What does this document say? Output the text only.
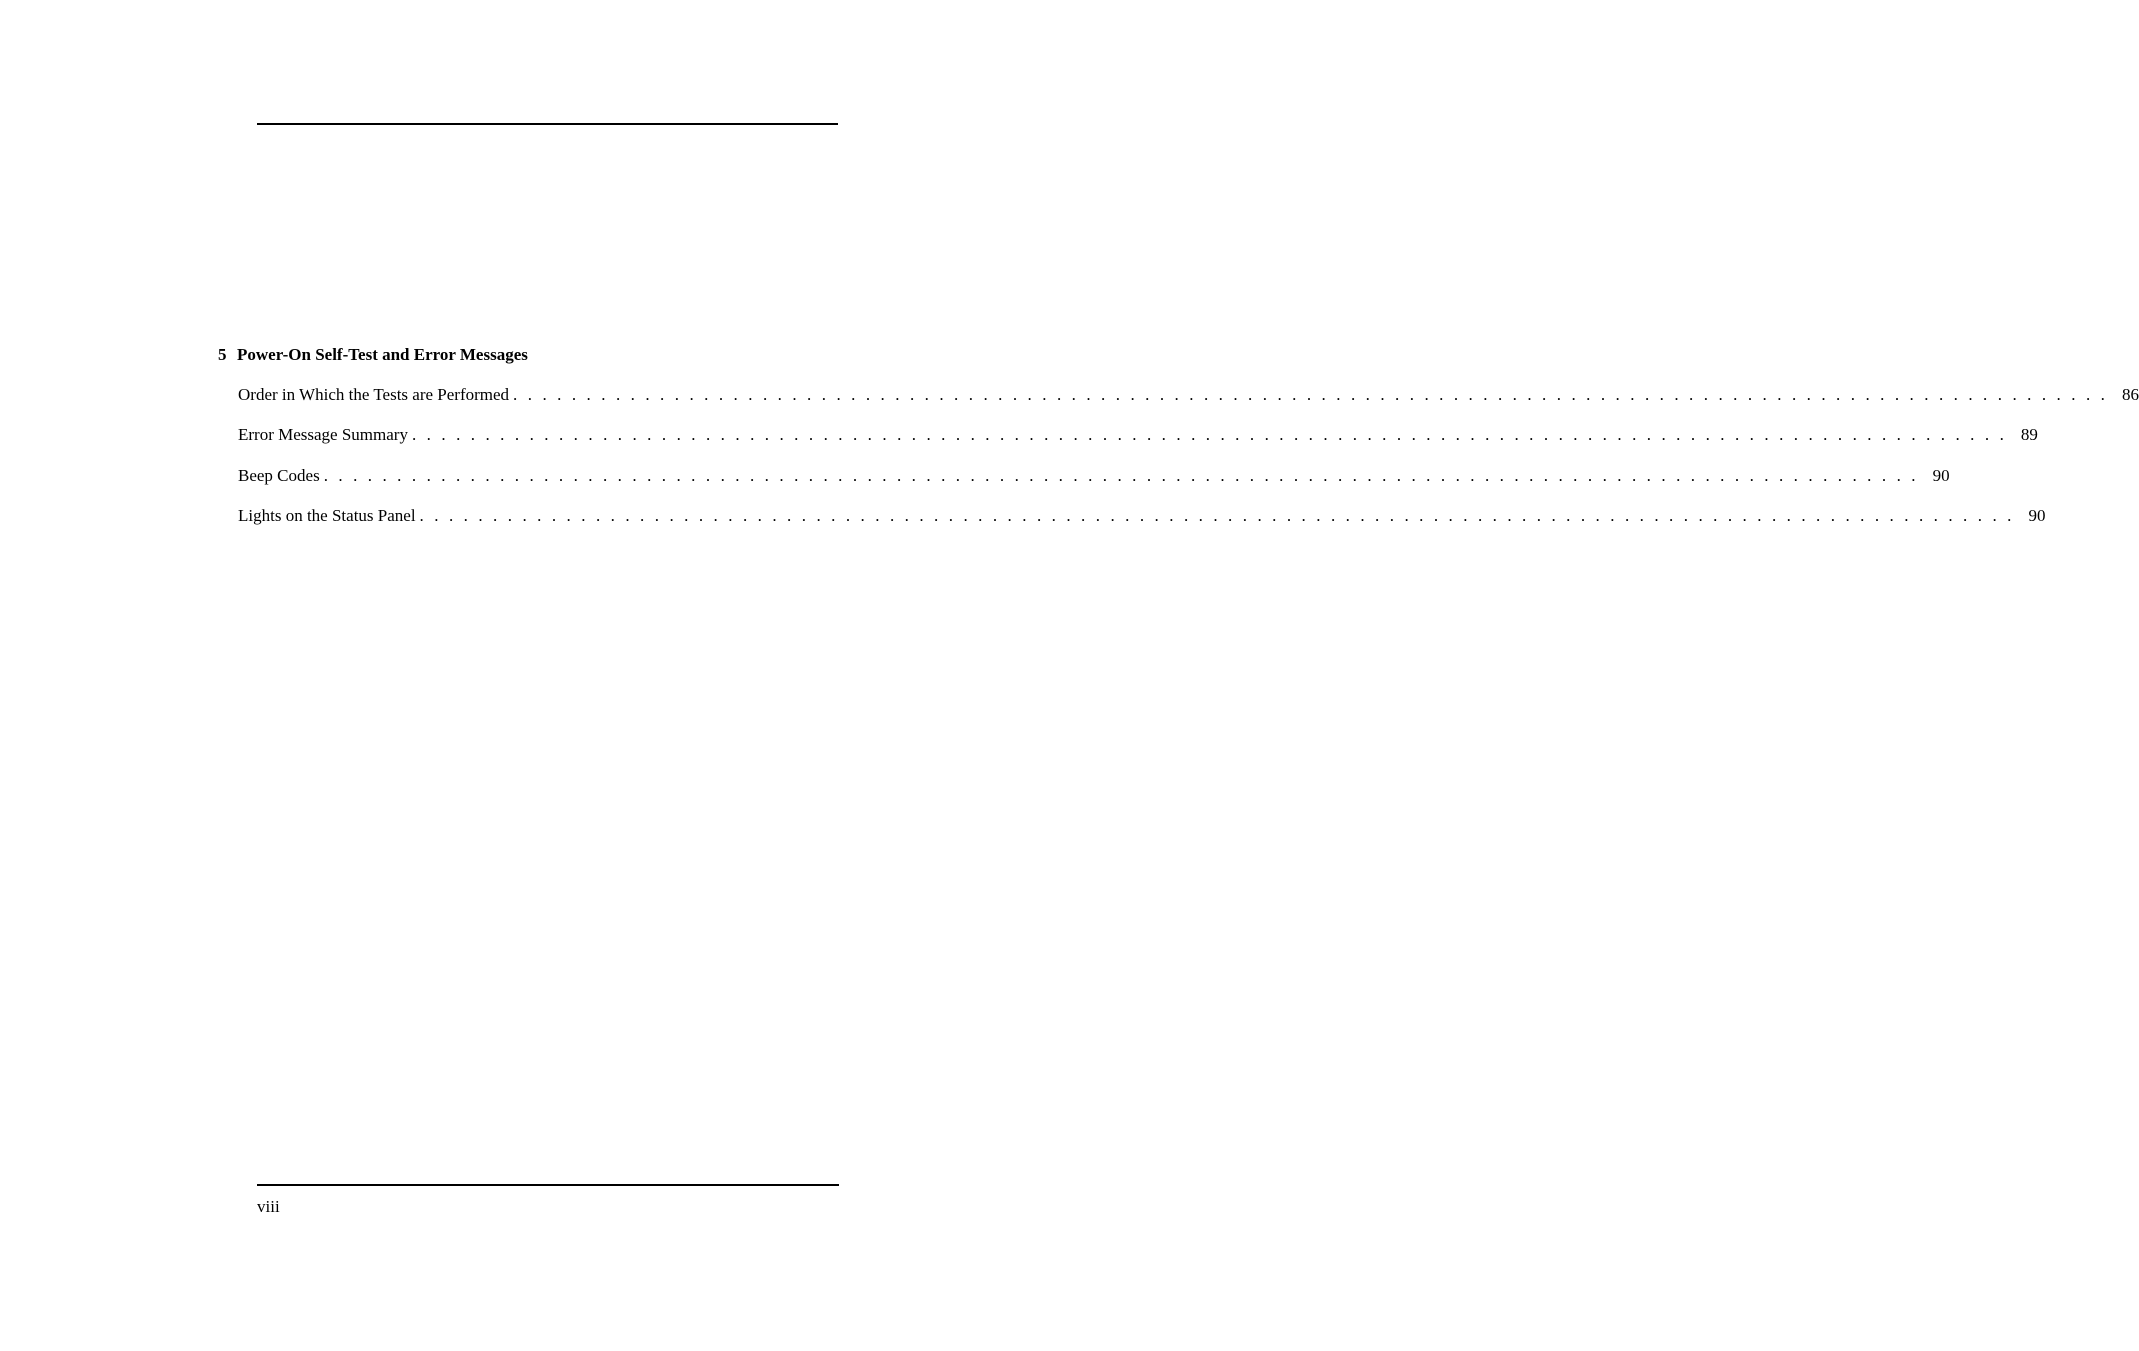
5 Power-On Self-Test and Error Messages
Order in Which the Tests are Performed . . . . . . . . . . . . . . . . . . . . . . . . . . . . . . . . . . . . . . . . . . . . . . . . . . . . . . . . . . . . . . . . . . . . . . . . . . . . . . . . . . . . . . . . . . . . . . . . . . . . . . . . . . . . . 86
Error Message Summary . . . . . . . . . . . . . . . . . . . . . . . . . . . . . . . . . . . . . . . . . . . . . . . . . . . . . . . . . . . . . . . . . . . . . . . . . . . . . . . . . . . . . . . . . . . . . . . . . . . . . . . . . . . . . 89
Beep Codes . . . . . . . . . . . . . . . . . . . . . . . . . . . . . . . . . . . . . . . . . . . . . . . . . . . . . . . . . . . . . . . . . . . . . . . . . . . . . . . . . . . . . . . . . . . . . . . . . . . . . . . . . . . . . 90
Lights on the Status Panel . . . . . . . . . . . . . . . . . . . . . . . . . . . . . . . . . . . . . . . . . . . . . . . . . . . . . . . . . . . . . . . . . . . . . . . . . . . . . . . . . . . . . . . . . . . . . . . . . . . . . . . . . . . . . 90
viii
